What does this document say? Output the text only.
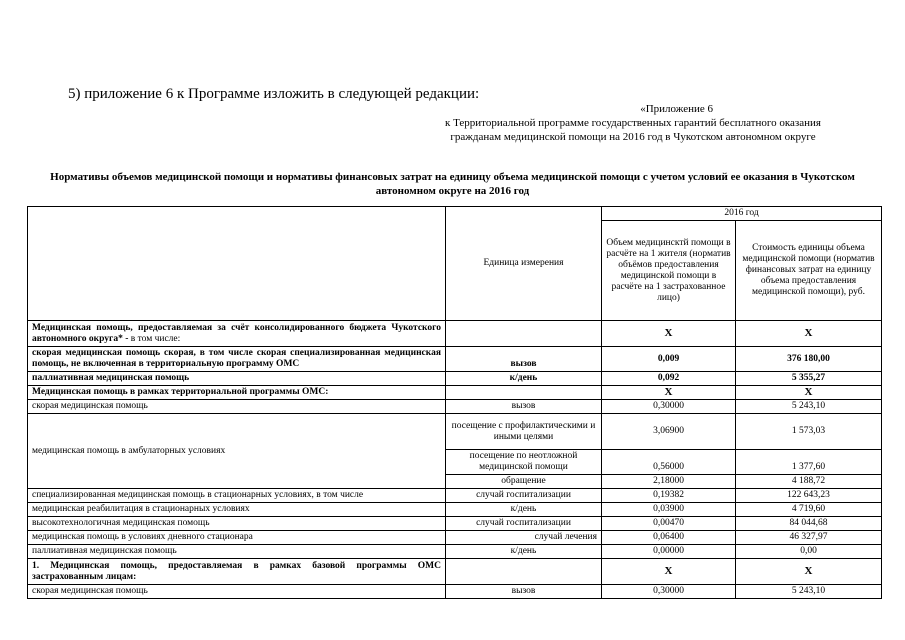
5) приложение 6 к Программе изложить в следующей редакции:
«Приложение 6
к Территориальной программе государственных гарантий бесплатного оказания
гражданам медицинской помощи на 2016 год в Чукотском автономном округе
Нормативы объемов медицинской помощи и нормативы финансовых затрат на единицу объема медицинской помощи с учетом условий ее оказания в Чукотском автономном округе на 2016 год
	Единица измерения	2016 год	
		Объем медицинсктй помощи в расчёте на 1 жителя (норматив объёмов предоставления медицинской помощи в расчёте на 1 застрахованное лицо)	Стоимость единицы объема медицинской помощи (норматив финансовых затрат на единицу объема предоставления медицинской помощи), руб.
Медицинская помощь, предоставляемая за счёт консолидированного бюджета Чукотского автономного округа* - в том числе:		X	X
скорая медицинская помощь скорая, в том числе скорая специализированная медицинская помощь, не включенная в территориальную программу ОМС	вызов	0,009	376 180,00
паллиативная медицинская помощь	к/день	0,092	5 355,27
Медицинская помощь в рамках территориальной программы ОМС:		X	X
скорая медицинская помощь	вызов	0,30000	5 243,10
медицинская помощь в амбулаторных условиях	посещение с профилактическими и иными целями	3,06900	1 573,03
	посещение по неотложной медицинской помощи	0,56000	1 377,60
	обращение	2,18000	4 188,72
специализированная медицинская помощь в стационарных условиях, в том числе	случай госпитализации	0,19382	122 643,23
медицинская реабилитация в стационарных условиях	к/день	0,03900	4 719,60
высокотехнологичная медицинская помощь	случай госпитализации	0,00470	84 044,68
медицинская помощь в условиях дневного стационара	случай лечения	0,06400	46 327,97
паллиативная медицинская помощь	к/день	0,00000	0,00
1. Медицинская помощь, предоставляемая в рамках базовой программы ОМС застрахованным лицам:		X	X
скорая медицинская помощь	вызов	0,30000	5 243,10
